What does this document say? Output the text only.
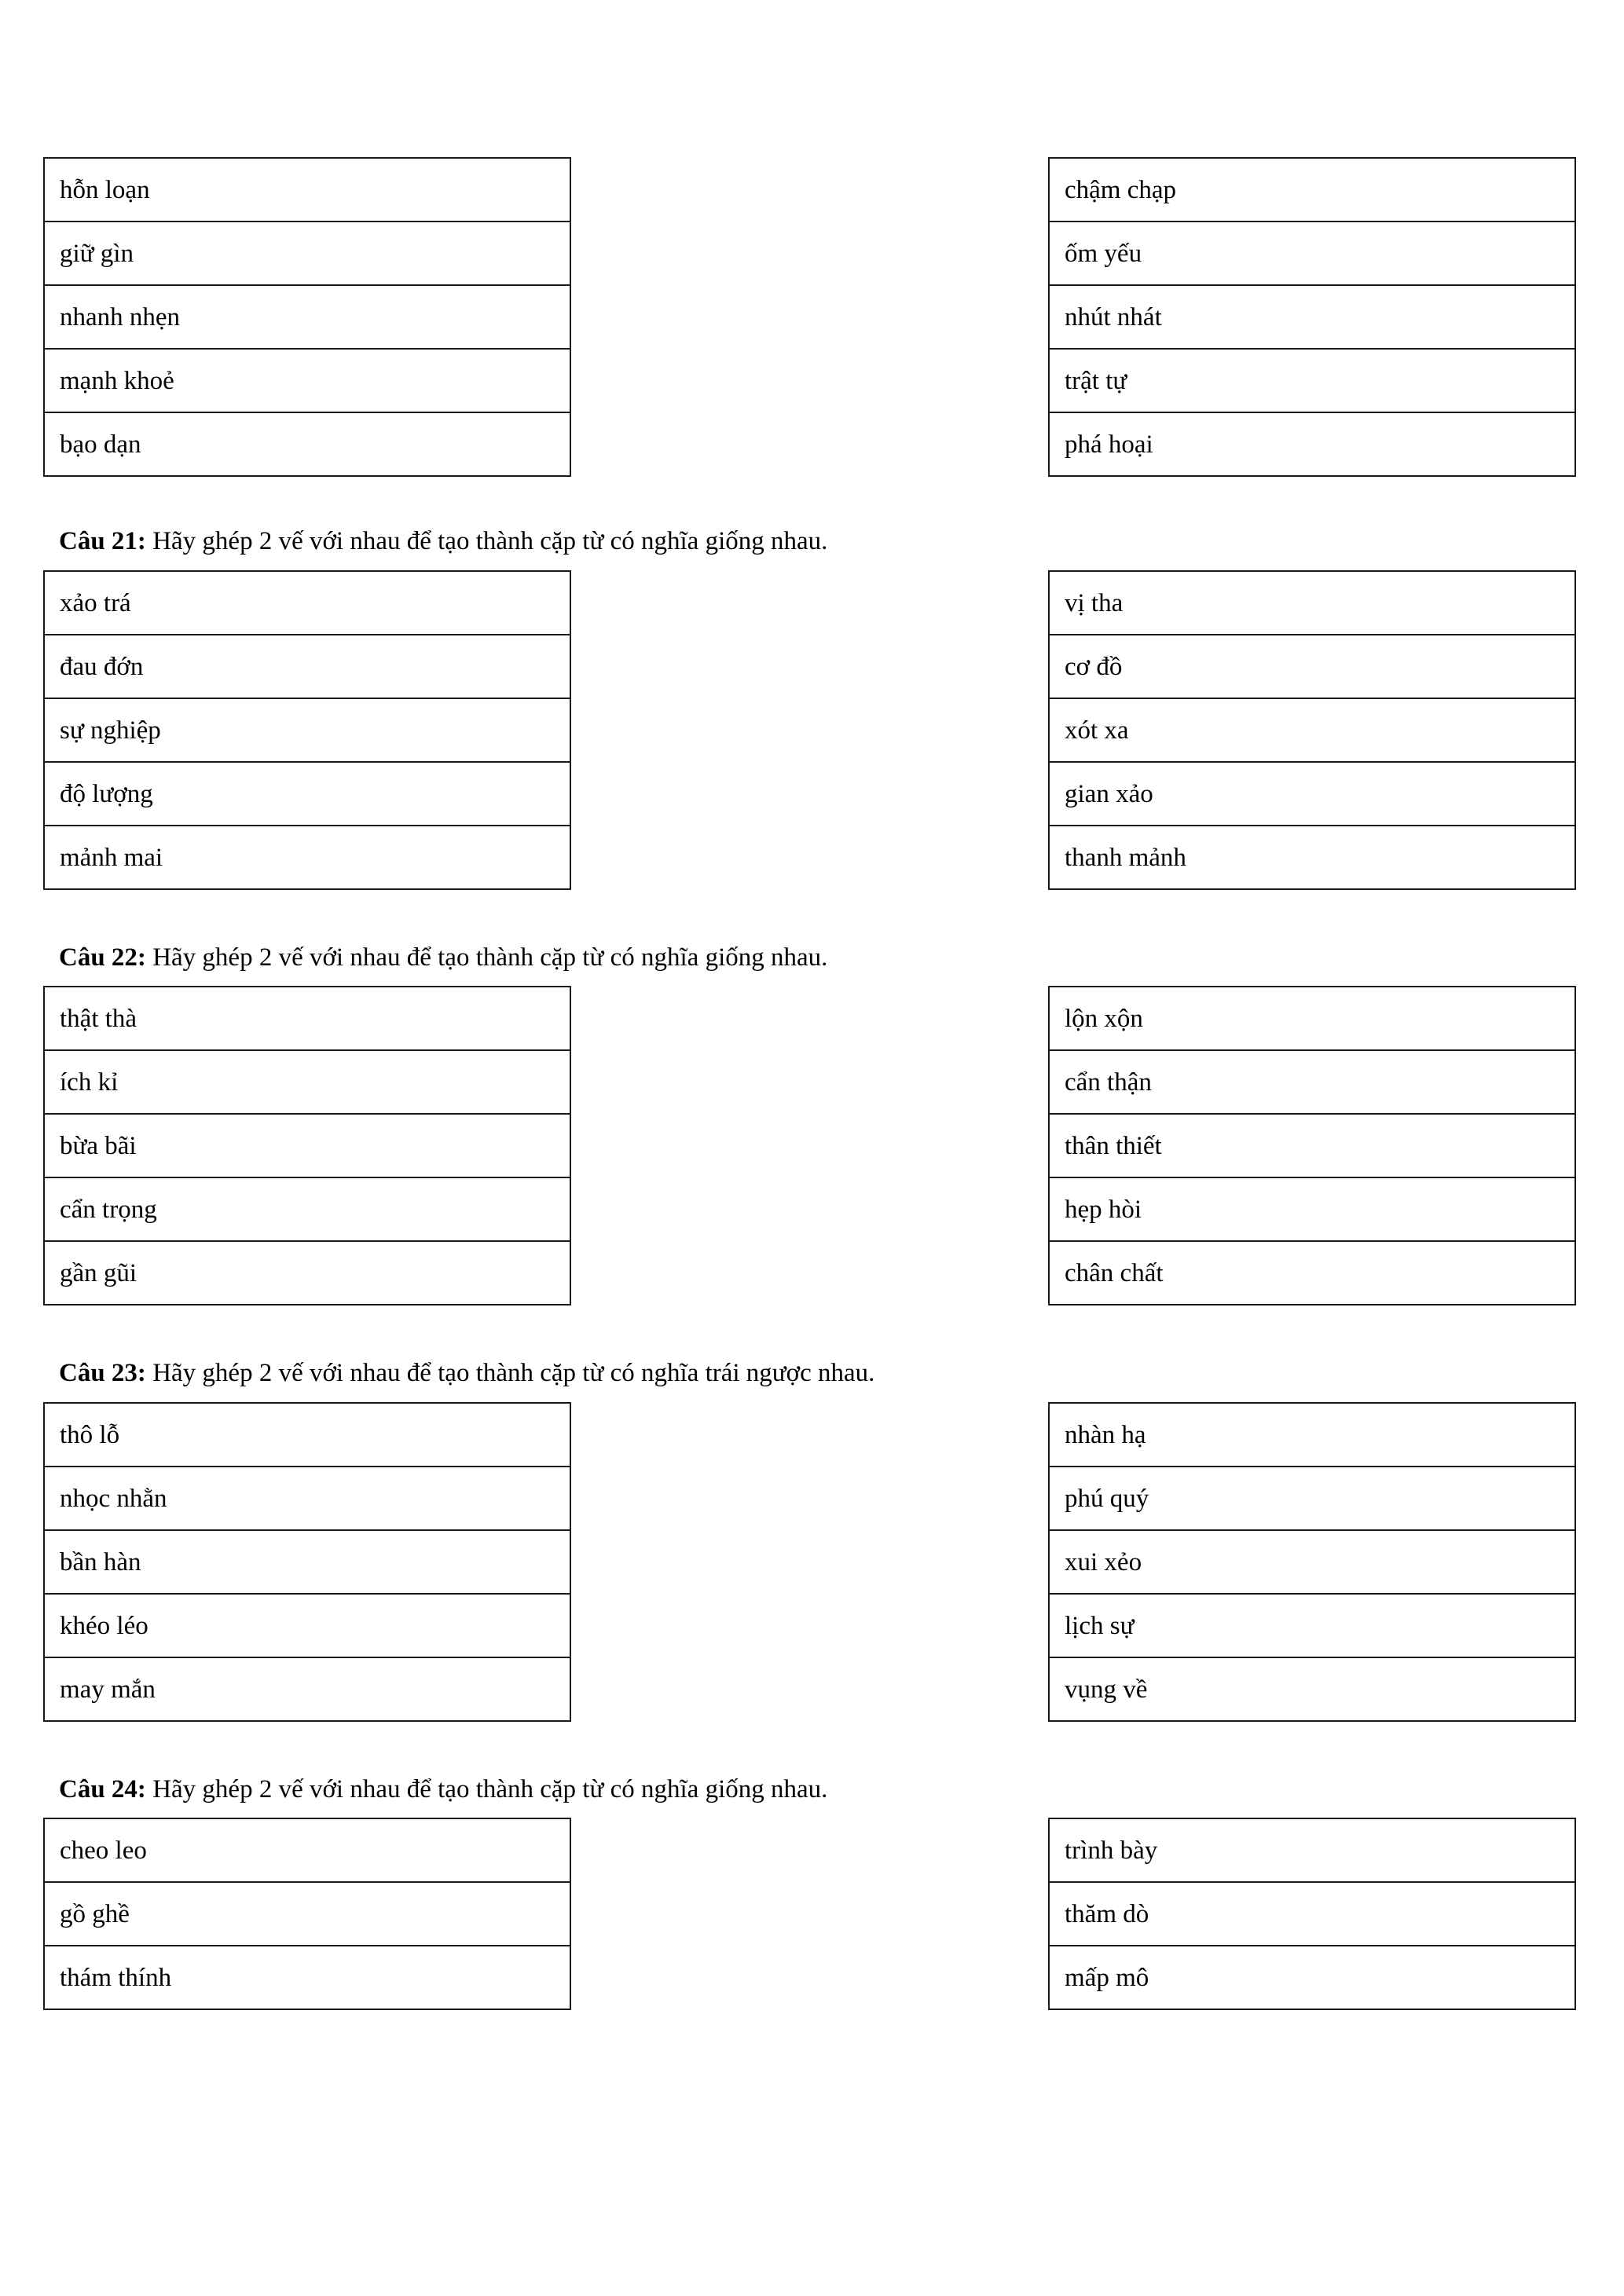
hỗn loạn
giữ gìn
nhanh nhẹn
mạnh khoẻ
bạo dạn
chậm chạp
ốm yếu
nhút nhát
trật tự
phá hoại

Câu 21: Hãy ghép 2 vế với nhau để tạo thành cặp từ có nghĩa giống nhau.

xảo trá
đau đớn
sự nghiệp
độ lượng
mảnh mai
vị tha
cơ đồ
xót xa
gian xảo
thanh mảnh

Câu 22: Hãy ghép 2 vế với nhau để tạo thành cặp từ có nghĩa giống nhau.

thật thà
ích kỉ
bừa bãi
cẩn trọng
gần gũi
lộn xộn
cẩn thận
thân thiết
hẹp hòi
chân chất

Câu 23: Hãy ghép 2 vế với nhau để tạo thành cặp từ có nghĩa trái ngược nhau.

thô lỗ
nhọc nhằn
bần hàn
khéo léo
may mắn
nhàn hạ
phú quý
xui xẻo
lịch sự
vụng về

Câu 24: Hãy ghép 2 vế với nhau để tạo thành cặp từ có nghĩa giống nhau.

cheo leo
gồ ghề
thám thính
trình bày
thăm dò
mấp mô
